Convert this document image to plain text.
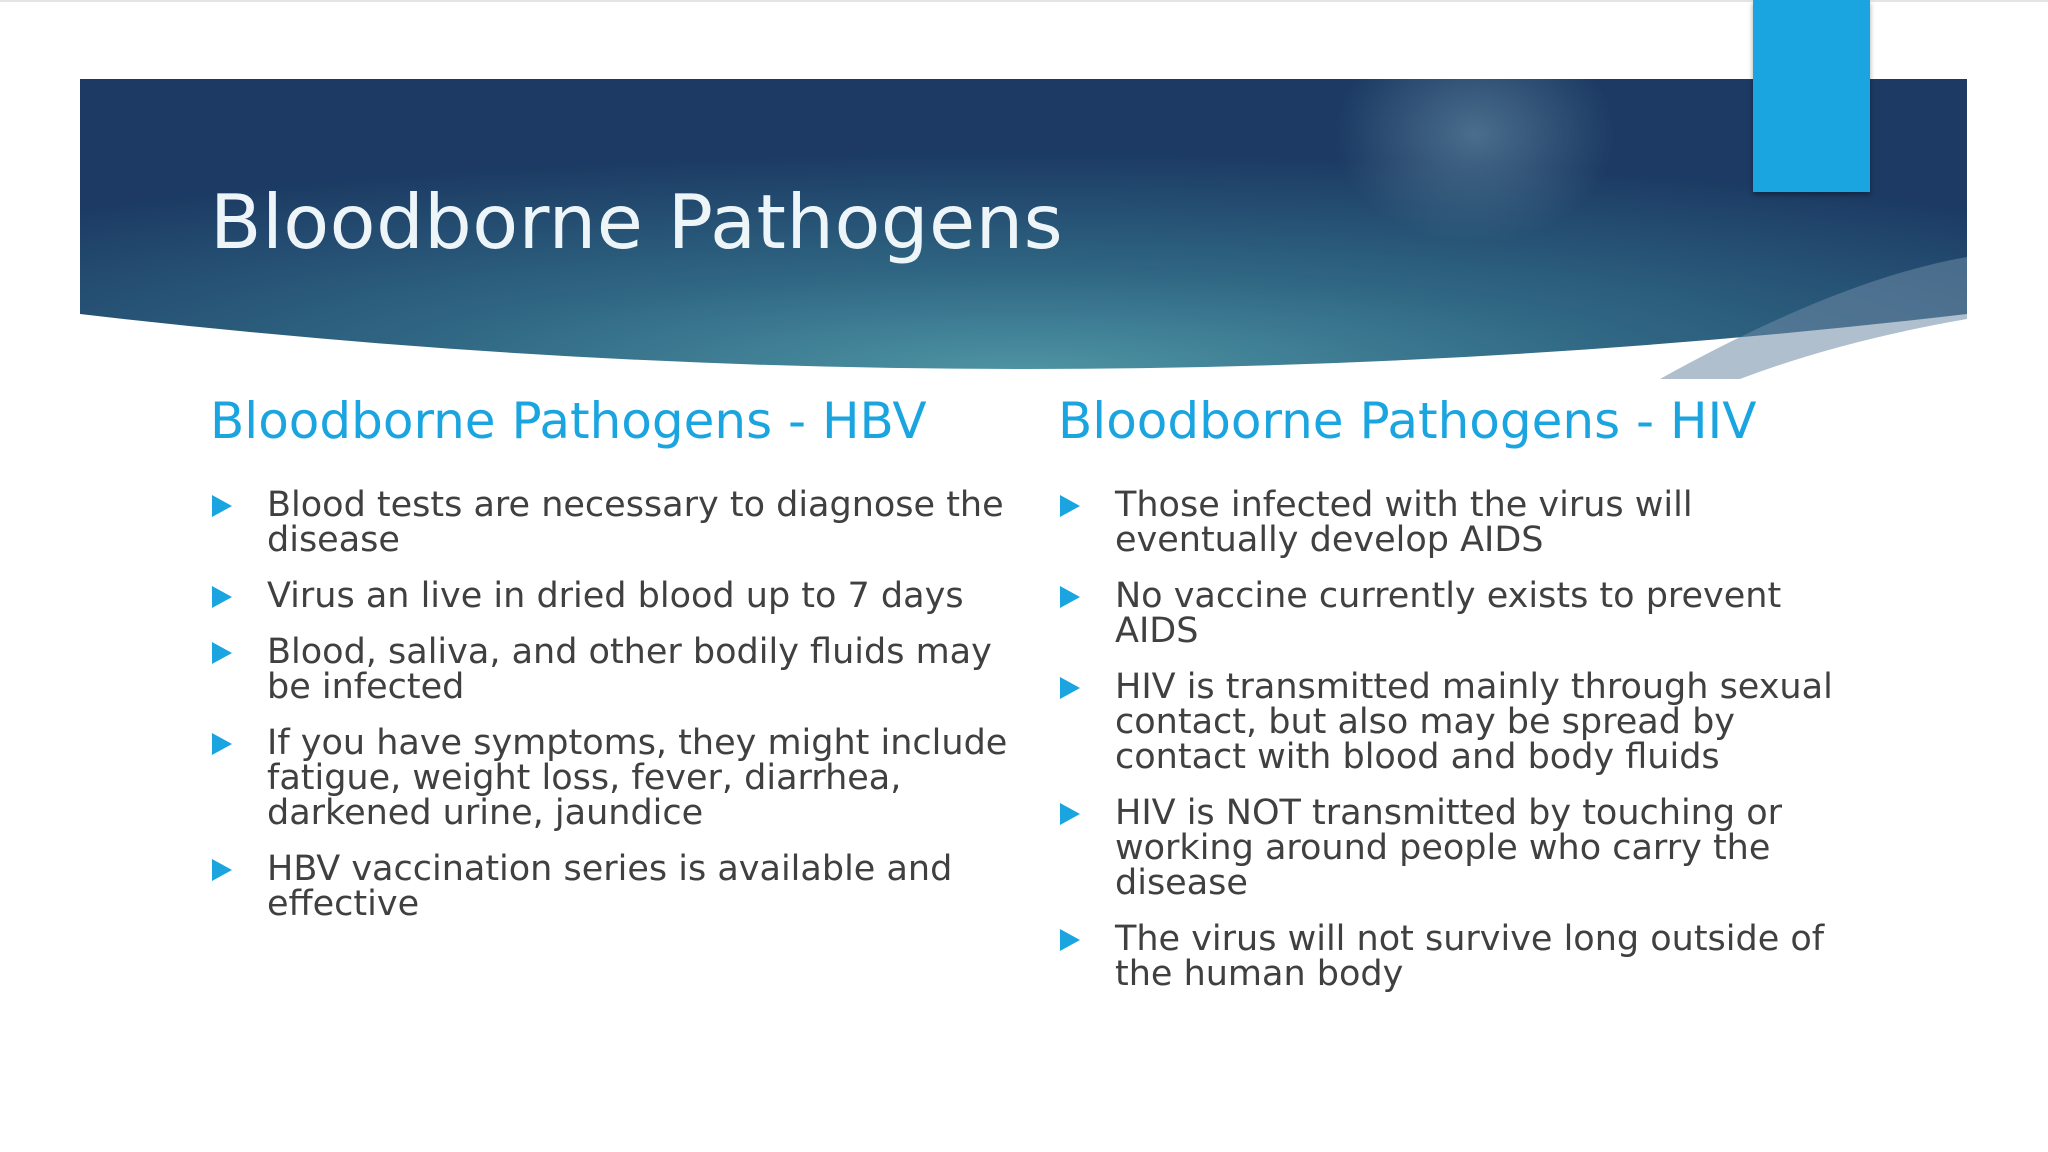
Bloodborne Pathogens
Bloodborne Pathogens - HBV
Blood tests are necessary to diagnose the disease
Virus an live in dried blood up to 7 days
Blood, saliva, and other bodily fluids may be infected
If you have symptoms, they might include fatigue, weight loss, fever, diarrhea, darkened urine, jaundice
HBV vaccination series is available and effective
Bloodborne Pathogens - HIV
Those infected with the virus will eventually develop AIDS
No vaccine currently exists to prevent AIDS
HIV is transmitted mainly through sexual contact, but also may be spread by contact with blood and body fluids
HIV is NOT transmitted by touching or working around people who carry the disease
The virus will not survive long outside of the human body
